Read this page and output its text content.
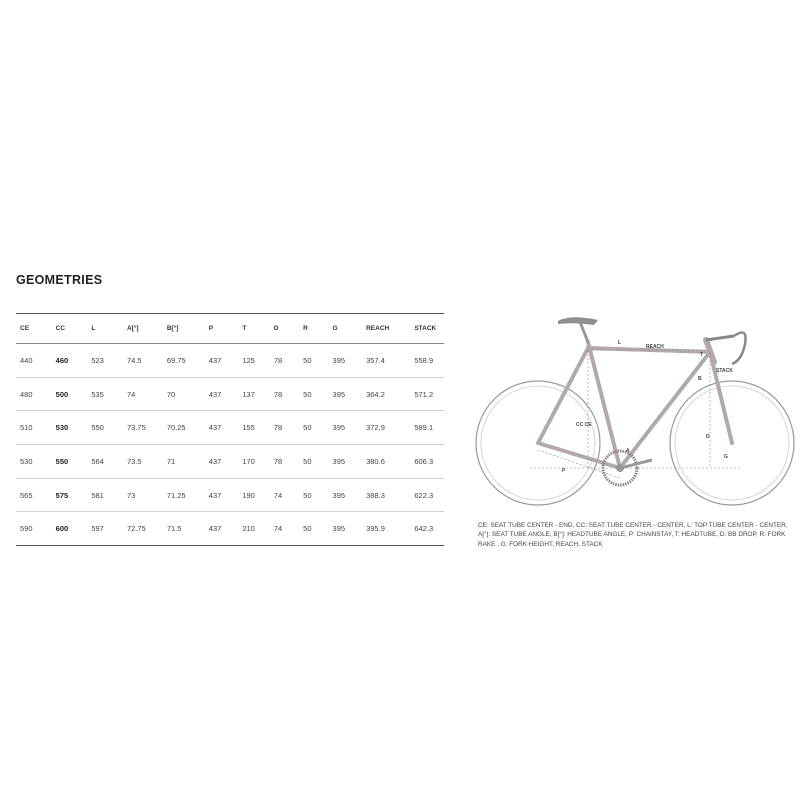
GEOMETRIES
CE	CC	L	A[°]	B[°]	P	T	D	R	G	REACH	STACK
440	460	523	74.5	69.75	437	125	78	50	395	357.4	558.9
480	500	535	74	70	437	137	78	50	395	364.2	571.2
510	530	550	73.75	70.25	437	155	78	50	395	372.9	589.1
530	550	564	73.5	71	437	170	78	50	395	380.6	606.3
565	575	581	73	71.25	437	190	74	50	395	388.3	622.3
590	600	597	72.75	71.5	437	210	74	50	395	395.9	642.3
REACH
STACK
L
CC CE
A
B
T
D
G
P
CE: SEAT TUBE CENTER - END, CC: SEAT TUBE CENTER - CENTER, L: TOP TUBE CENTER - CENTER, A[°]: SEAT TUBE ANGLE, B[°]: HEADTUBE ANGLE, P: CHAINSTAY, T: HEADTUBE, D: BB DROP, R: FORK RAKE , G: FORK HEIGHT, REACH, STACK
